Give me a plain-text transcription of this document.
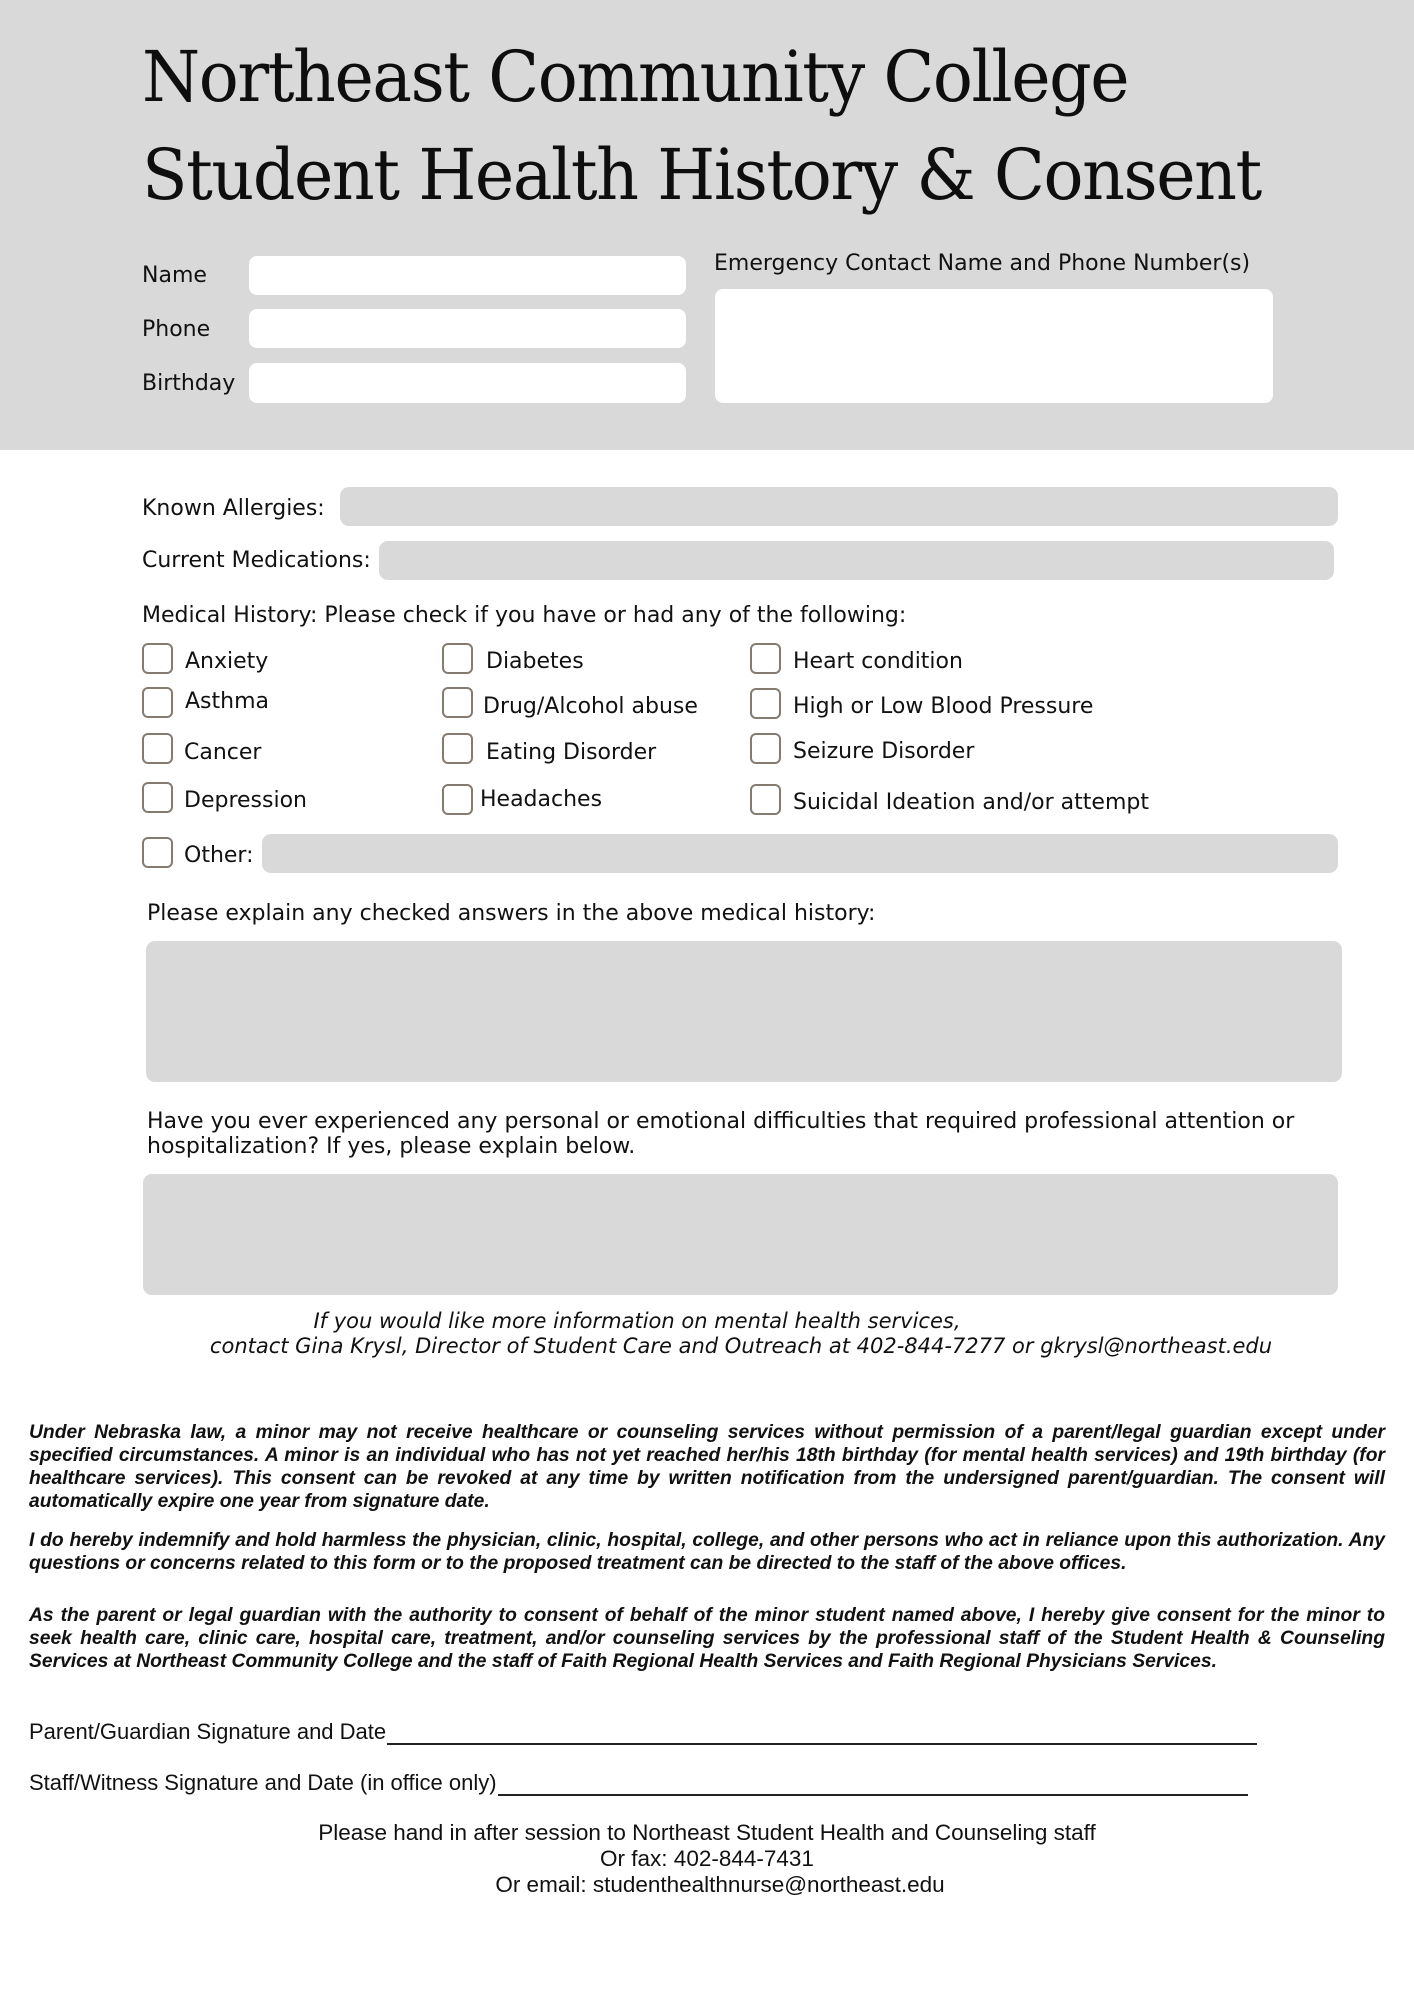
Northeast Community College
Student Health History & Consent
Name
Phone
Birthday
Emergency Contact Name and Phone Number(s)
Known Allergies:
Current Medications:
Medical History: Please check if you have or had any of the following:
Anxiety
Asthma
Cancer
Depression
Diabetes
Drug/Alcohol abuse
Eating Disorder
Headaches
Heart condition
High or Low Blood Pressure
Seizure Disorder
Suicidal Ideation and/or attempt
Other:
Please explain any checked answers in the above medical history:
Have you ever experienced any personal or emotional difficulties that required professional attention or
hospitalization? If yes, please explain below.
If you would like more information on mental health services,
contact Gina Krysl, Director of Student Care and Outreach at 402-844-7277 or gkrysl@northeast.edu

Under Nebraska law, a minor may not receive healthcare or counseling services without permission of a parent/legal guardian except under specified circumstances. A minor is an individual who has not yet reached her/his 18th birthday (for mental health services) and 19th birthday (for healthcare services). This consent can be revoked at any time by written notification from the undersigned parent/guardian. The consent will automatically expire one year from signature date.

I do hereby indemnify and hold harmless the physician, clinic, hospital, college, and other persons who act in reliance upon this authorization. Any questions or concerns related to this form or to the proposed treatment can be directed to the staff of the above offices.

As the parent or legal guardian with the authority to consent of behalf of the minor student named above, I hereby give consent for the minor to seek health care, clinic care, hospital care, treatment, and/or counseling services by the professional staff of the Student Health & Counseling Services at Northeast Community College and the staff of Faith Regional Health Services and Faith Regional Physicians Services.

Parent/Guardian Signature and Date
Staff/Witness Signature and Date (in office only)
Please hand in after session to Northeast Student Health and Counseling staff
Or fax: 402-844-7431
Or email: studenthealthnurse@northeast.edu
